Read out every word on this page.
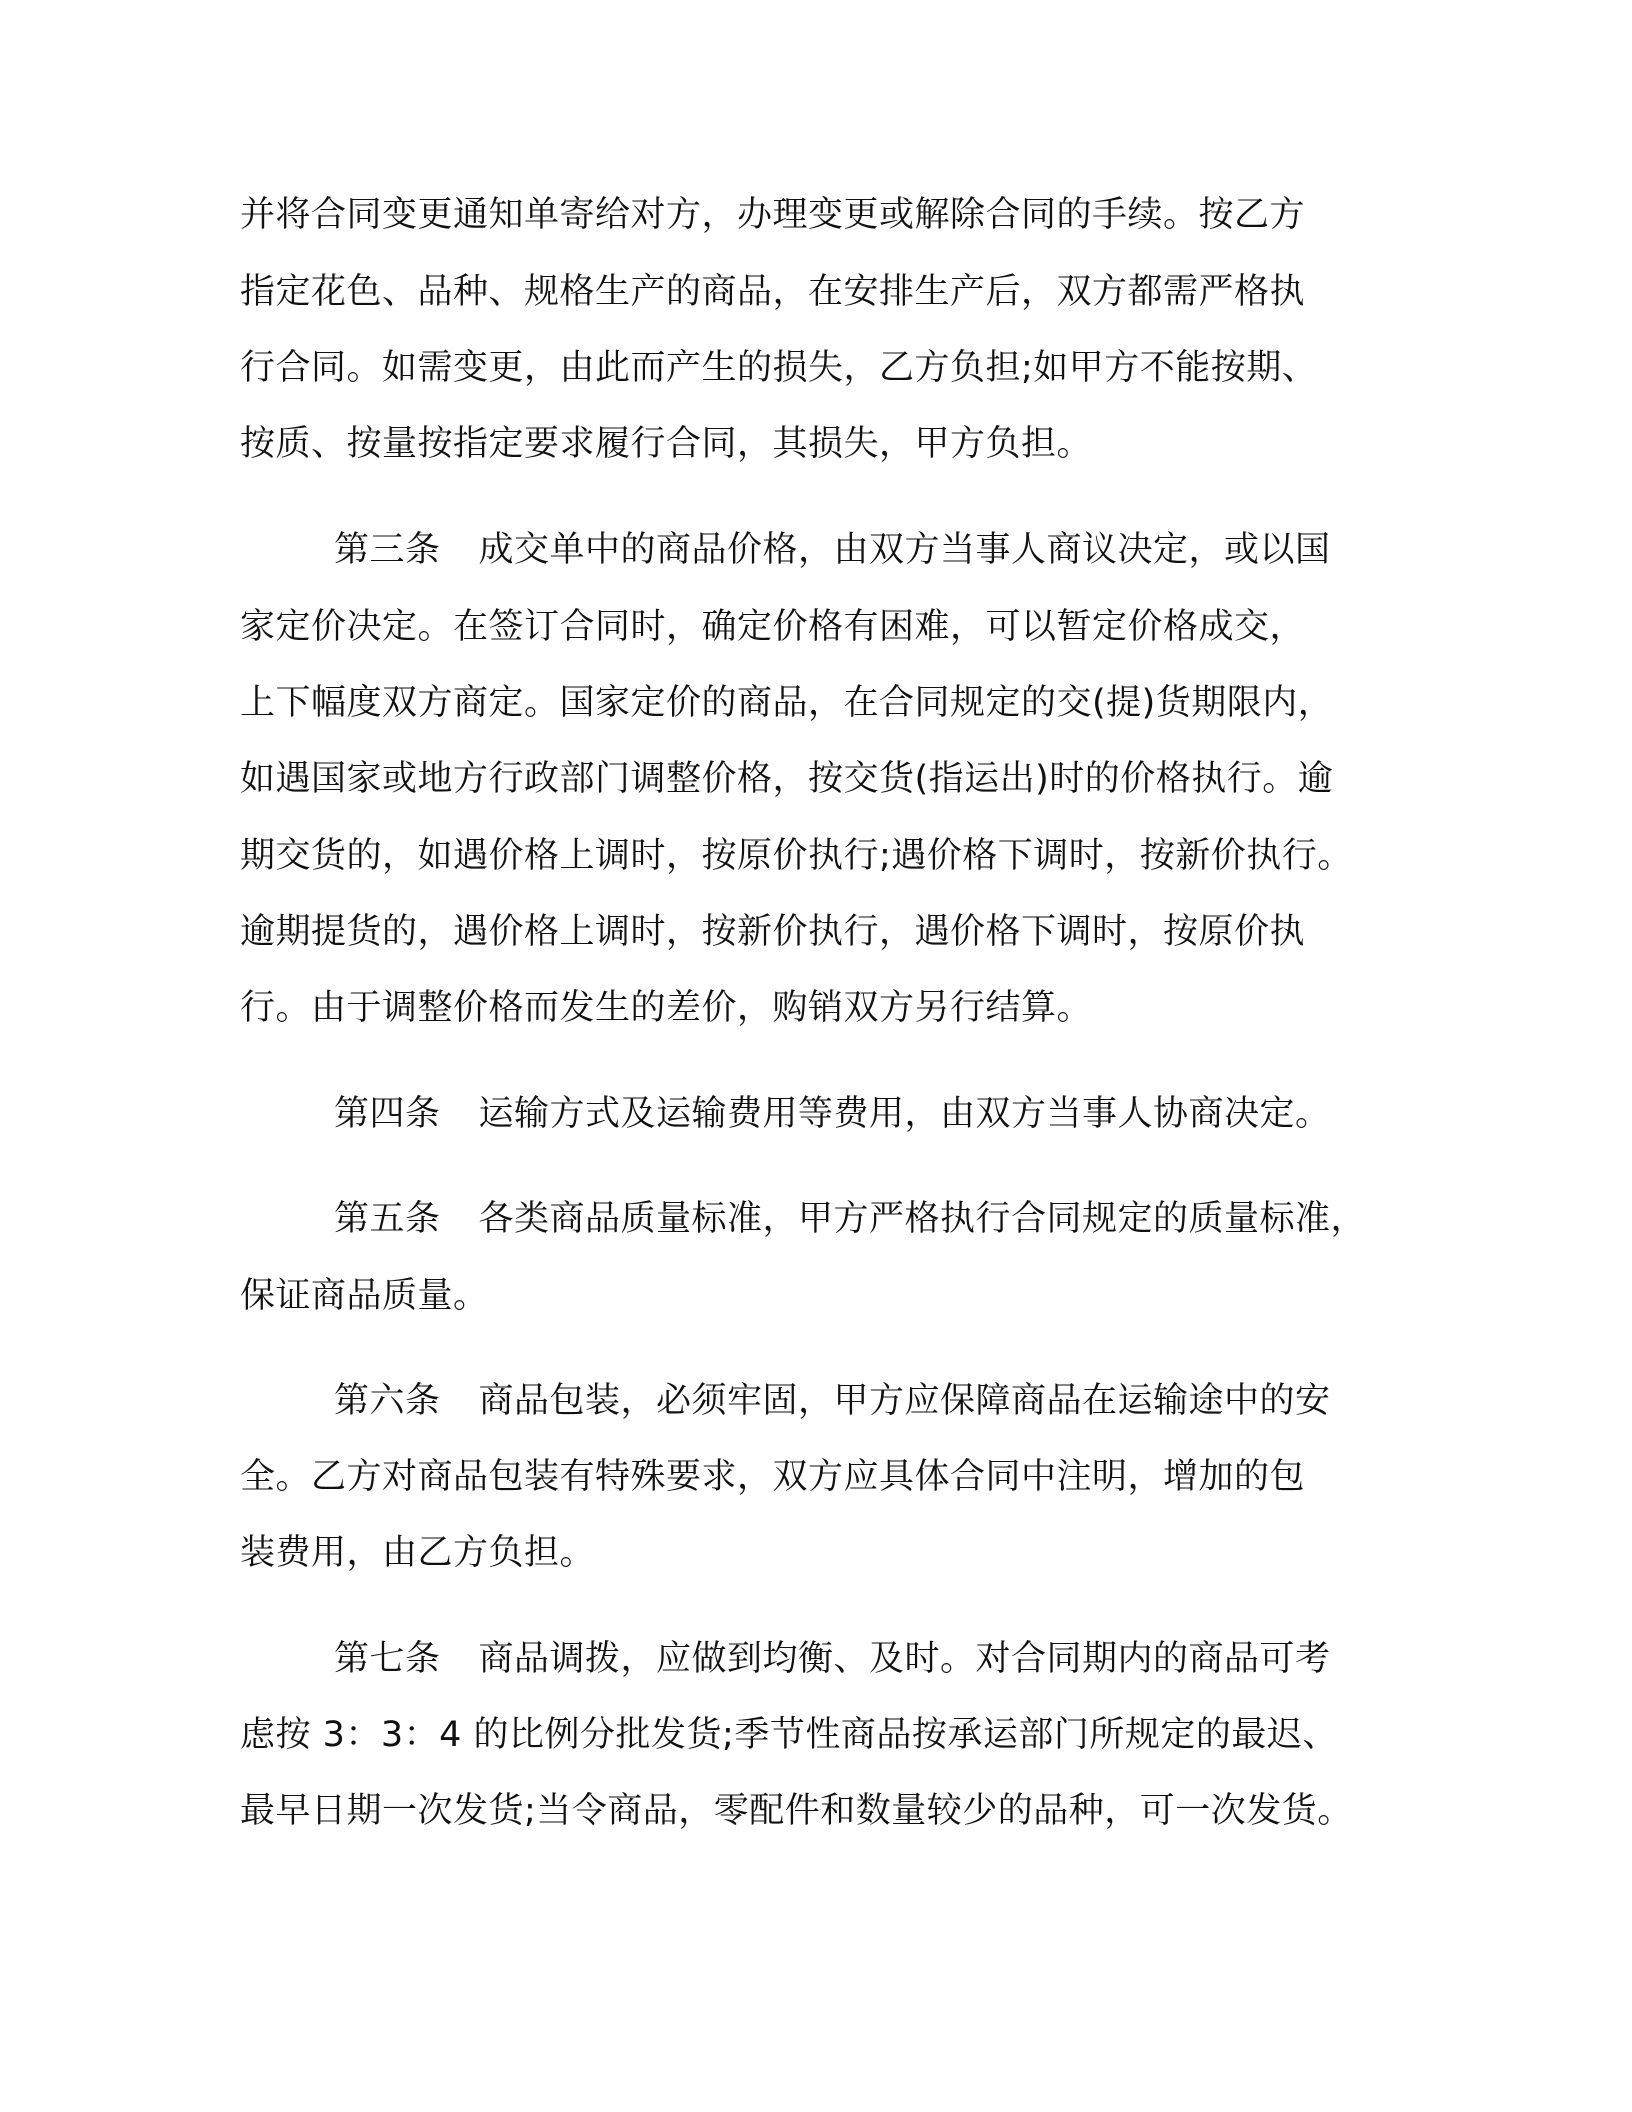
并将合同变更通知单寄给对方，办理变更或解除合同的手续。按乙方
指定花色、品种、规格生产的商品，在安排生产后，双方都需严格执
行合同。如需变更，由此而产生的损失，乙方负担;如甲方不能按期、
按质、按量按指定要求履行合同，其损失，甲方负担。
第三条 成交单中的商品价格，由双方当事人商议决定，或以国
家定价决定。在签订合同时，确定价格有困难，可以暂定价格成交，
上下幅度双方商定。国家定价的商品，在合同规定的交(提)货期限内，
如遇国家或地方行政部门调整价格，按交货(指运出)时的价格执行。逾
期交货的，如遇价格上调时，按原价执行;遇价格下调时，按新价执行。
逾期提货的，遇价格上调时，按新价执行，遇价格下调时，按原价执
行。由于调整价格而发生的差价，购销双方另行结算。
第四条 运输方式及运输费用等费用，由双方当事人协商决定。
第五条 各类商品质量标准，甲方严格执行合同规定的质量标准，
保证商品质量。
第六条 商品包装，必须牢固，甲方应保障商品在运输途中的安
全。乙方对商品包装有特殊要求，双方应具体合同中注明，增加的包
装费用，由乙方负担。
第七条 商品调拨，应做到均衡、及时。对合同期内的商品可考
虑按 3：3：4 的比例分批发货;季节性商品按承运部门所规定的最迟、
最早日期一次发货;当令商品，零配件和数量较少的品种，可一次发货。
